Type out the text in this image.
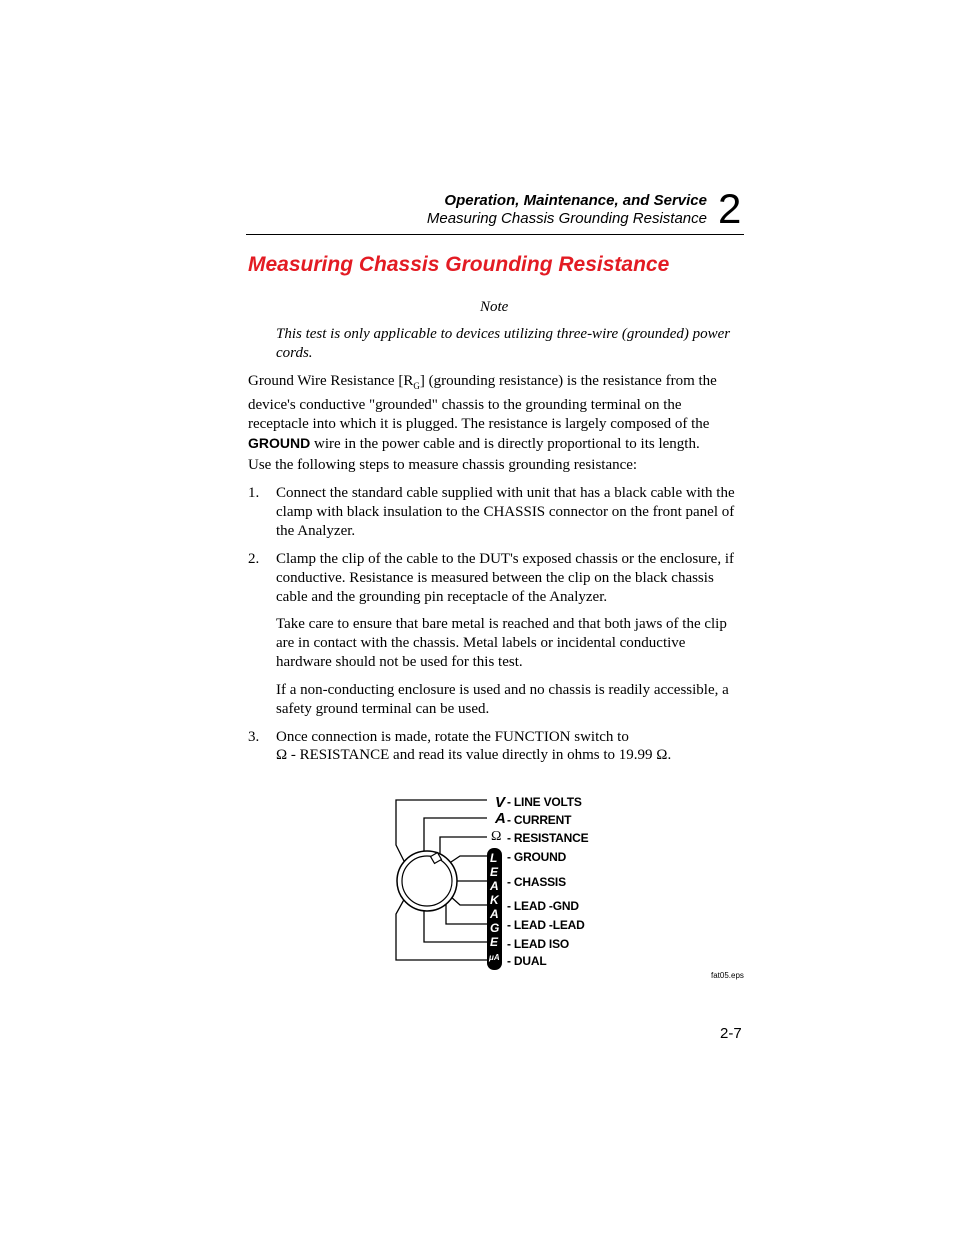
Operation, Maintenance, and Service
Measuring Chassis Grounding Resistance 2
Measuring Chassis Grounding Resistance
Note
This test is only applicable to devices utilizing three-wire (grounded) power cords.
Ground Wire Resistance $[R_G]$ (grounding resistance) is the resistance from the device's conductive "grounded" chassis to the grounding terminal on the receptacle into which it is plugged. The resistance is largely composed of the GROUND wire in the power cable and is directly proportional to its length.
Use the following steps to measure chassis grounding resistance:
1. Connect the standard cable supplied with unit that has a black cable with the clamp with black insulation to the CHASSIS connector on the front panel of the Analyzer.
2. Clamp the clip of the cable to the DUT's exposed chassis or the enclosure, if conductive. Resistance is measured between the clip on the black chassis cable and the grounding pin receptacle of the Analyzer.
Take care to ensure that bare metal is reached and that both jaws of the clip are in contact with the chassis. Metal labels or incidental conductive hardware should not be used for this test.
If a non-conducting enclosure is used and no chassis is readily accessible, a safety ground terminal can be used.
3. Once connection is made, rotate the FUNCTION switch to
Ω - RESISTANCE and read its value directly in ohms to 19.99 Ω.
L
E
A
K
A
G
E
μA
V
A
Ω
- LINE VOLTS
- CURRENT
- RESISTANCE
- GROUND
- CHASSIS
- LEAD -GND
- LEAD -LEAD
- LEAD ISO
- DUAL
fat05.eps
2-7
